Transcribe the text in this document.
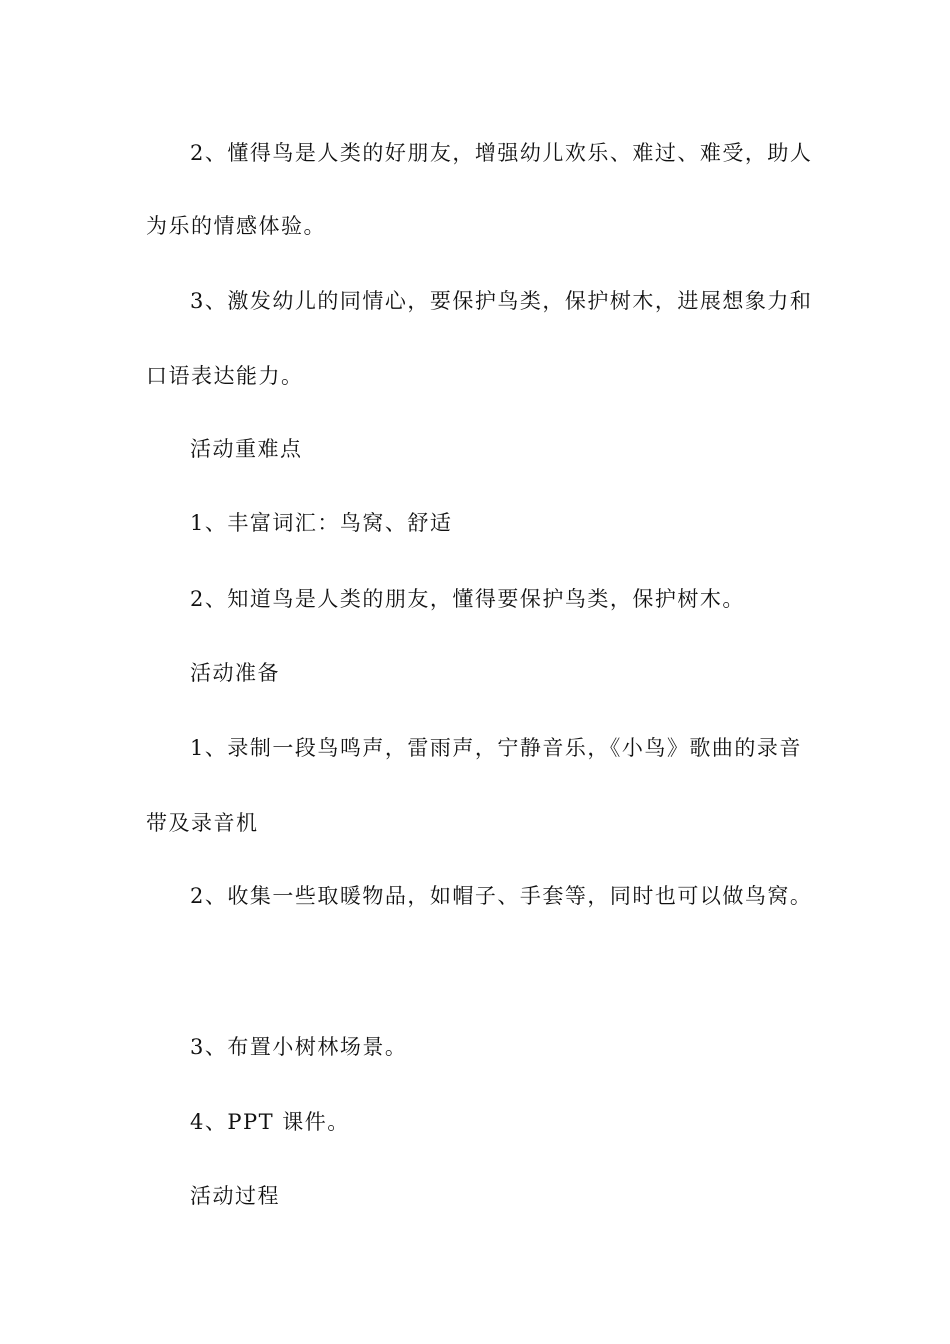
2、懂得鸟是人类的好朋友，增强幼儿欢乐、难过、难受，助人
为乐的情感体验。
3、激发幼儿的同情心，要保护鸟类，保护树木，进展想象力和
口语表达能力。
活动重难点
1、丰富词汇：鸟窝、舒适
2、知道鸟是人类的朋友，懂得要保护鸟类，保护树木。
活动准备
1、录制一段鸟鸣声，雷雨声，宁静音乐，《小鸟》歌曲的录音
带及录音机
2、收集一些取暖物品，如帽子、手套等，同时也可以做鸟窝。
3、布置小树林场景。
4、PPT 课件。
活动过程
